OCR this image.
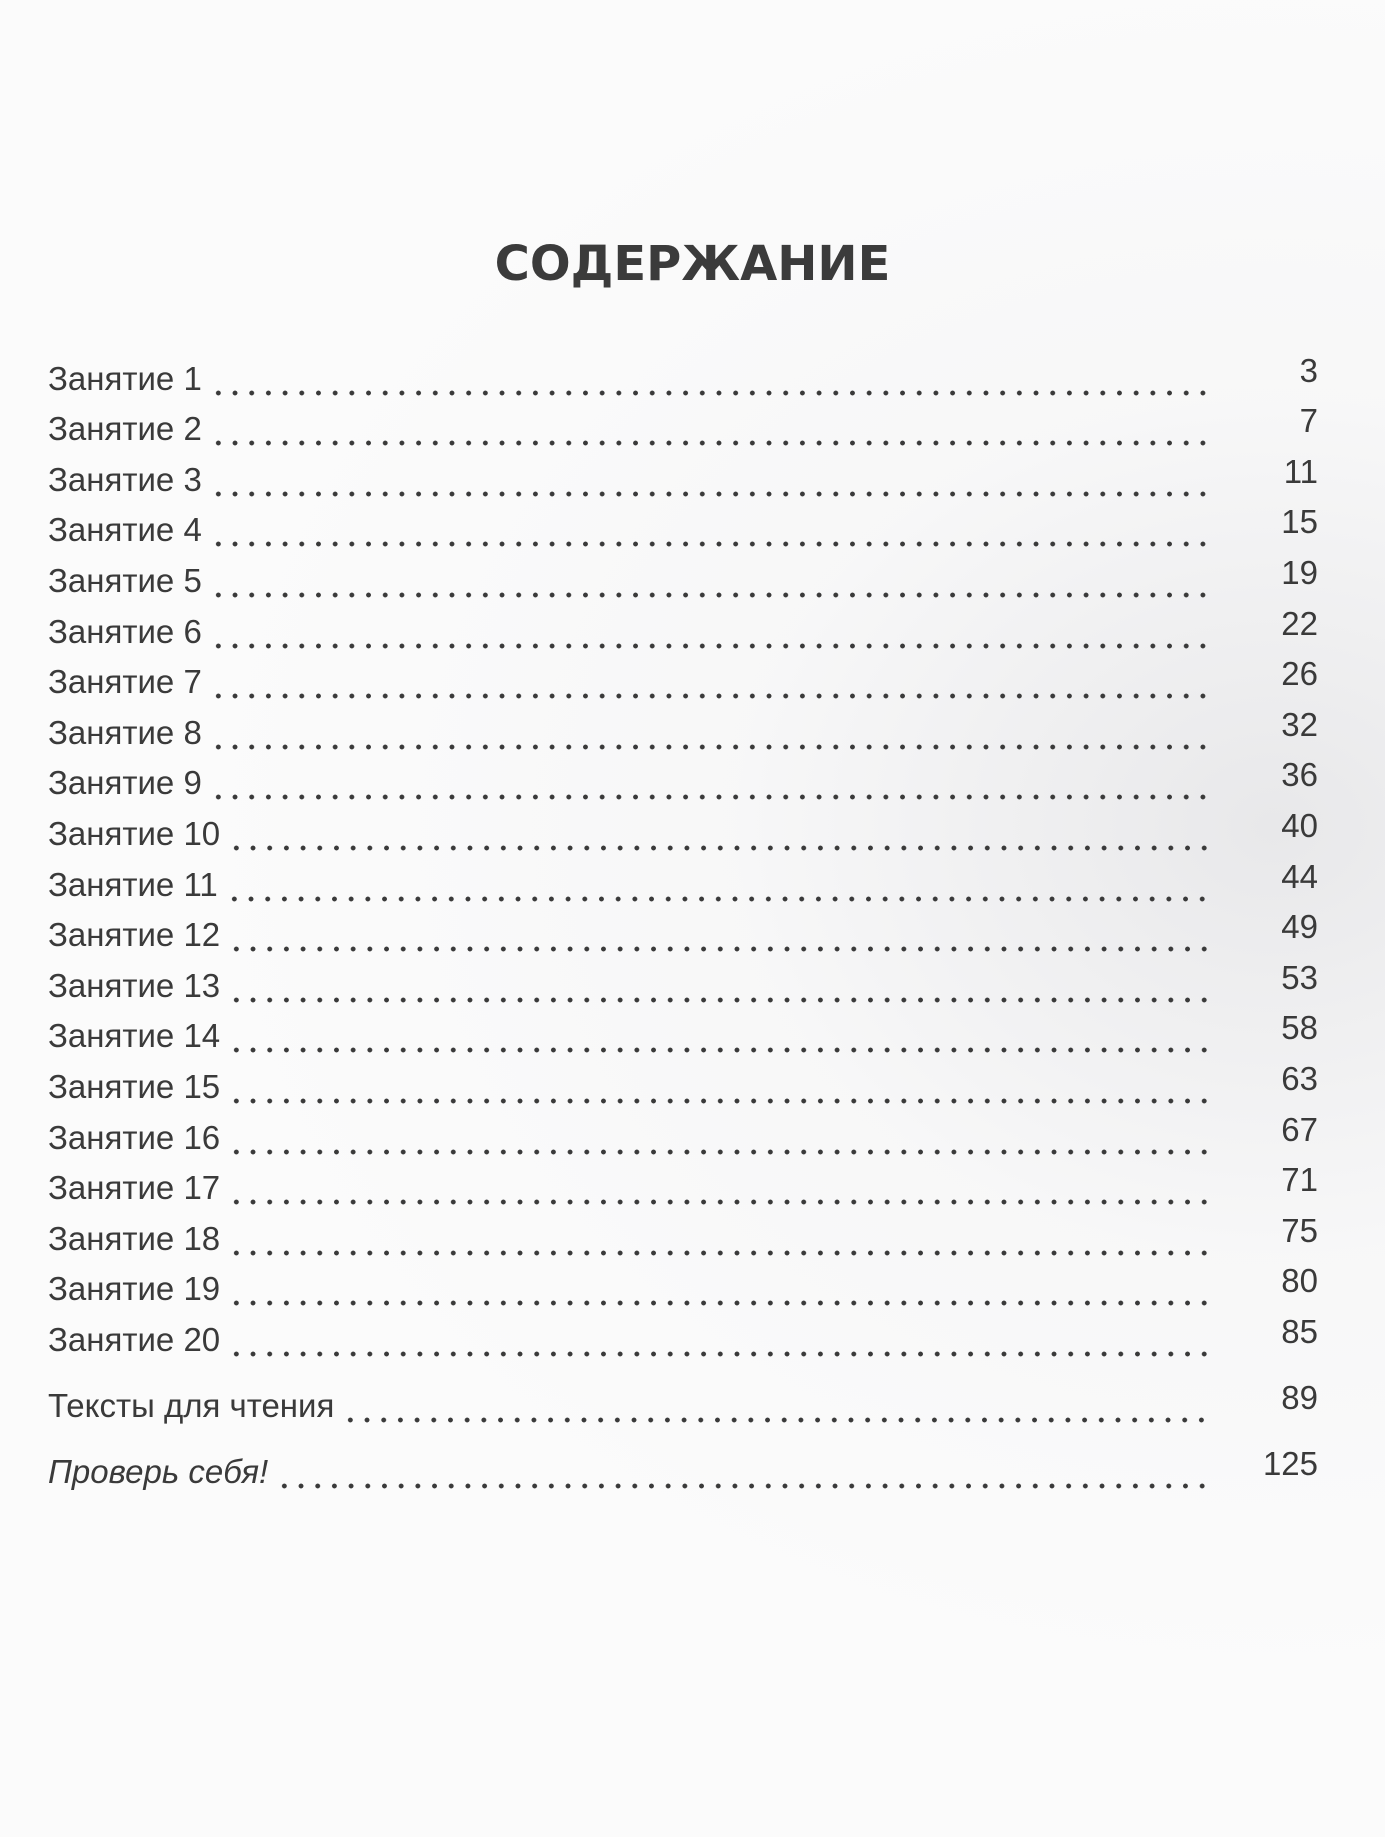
СОДЕРЖАНИЕ
Занятие 1	3
Занятие 2	7
Занятие 3	11
Занятие 4	15
Занятие 5	19
Занятие 6	22
Занятие 7	26
Занятие 8	32
Занятие 9	36
Занятие 10	40
Занятие 11	44
Занятие 12	49
Занятие 13	53
Занятие 14	58
Занятие 15	63
Занятие 16	67
Занятие 17	71
Занятие 18	75
Занятие 19	80
Занятие 20	85
Тексты для чтения	89
Проверь себя!	125
